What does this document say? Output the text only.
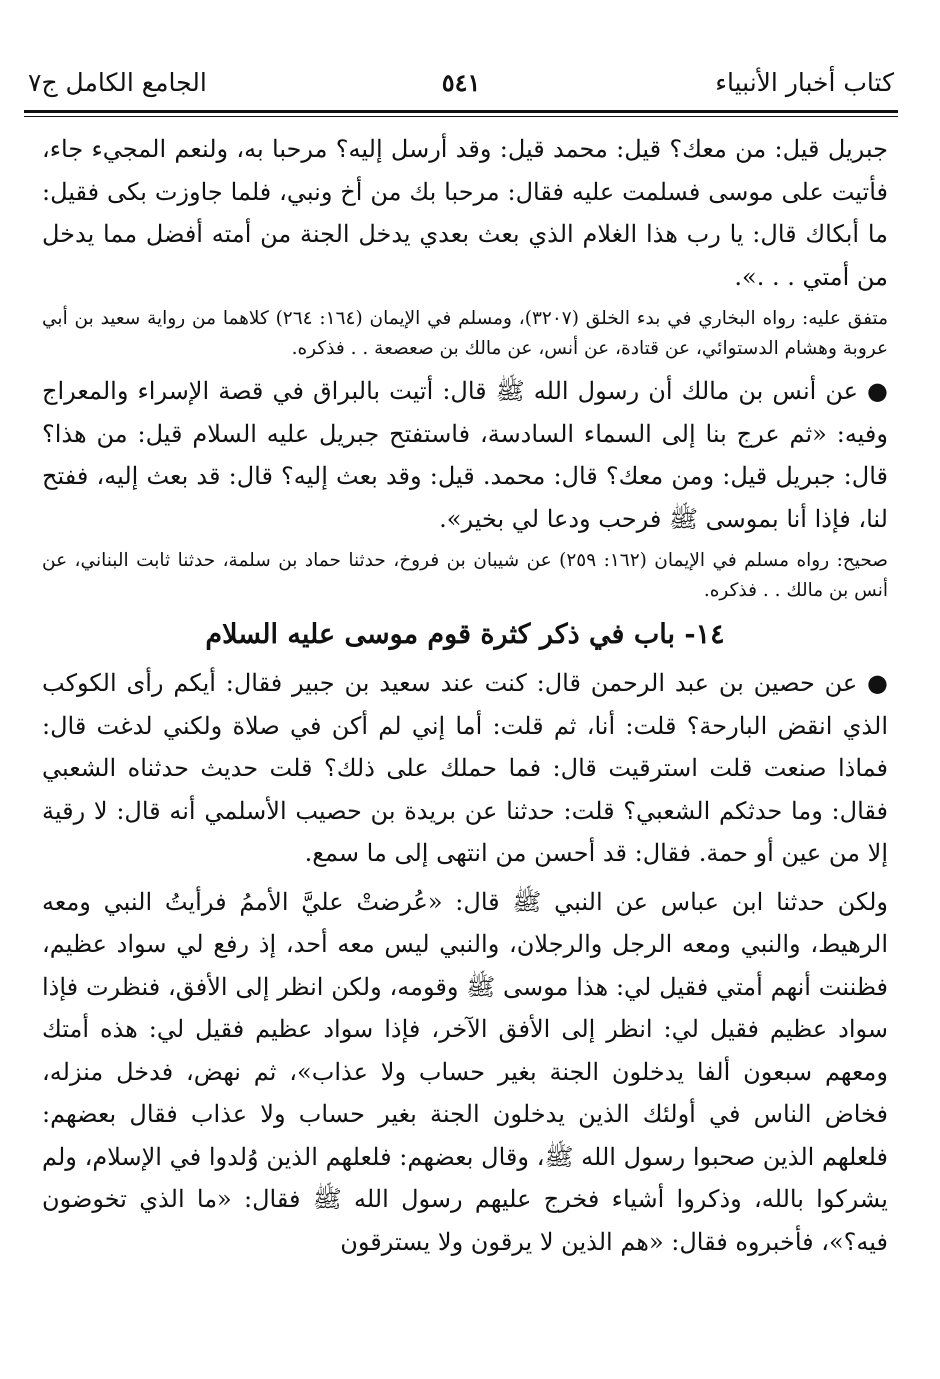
كتاب أخبار الأنبياء
٥٤١
الجامع الكامل ج٧

جبريل قيل: من معك؟ قيل: محمد قيل: وقد أرسل إليه؟ مرحبا به، ولنعم المجيء جاء، فأتيت على موسى فسلمت عليه فقال: مرحبا بك من أخ ونبي، فلما جاوزت بكى فقيل: ما أبكاك قال: يا رب هذا الغلام الذي بعث بعدي يدخل الجنة من أمته أفضل مما يدخل من أمتي . . .».

متفق عليه: رواه البخاري في بدء الخلق (٣٢٠٧)، ومسلم في الإيمان (١٦٤: ٢٦٤) كلاهما من رواية سعيد بن أبي عروبة وهشام الدستوائي، عن قتادة، عن أنس، عن مالك بن صعصعة . . فذكره.

● عن أنس بن مالك أن رسول الله ﷺ قال: أتيت بالبراق في قصة الإسراء والمعراج وفيه: «ثم عرج بنا إلى السماء السادسة، فاستفتح جبريل عليه السلام قيل: من هذا؟ قال: جبريل قيل: ومن معك؟ قال: محمد. قيل: وقد بعث إليه؟ قال: قد بعث إليه، ففتح لنا، فإذا أنا بموسى ﷺ فرحب ودعا لي بخير».

صحيح: رواه مسلم في الإيمان (١٦٢: ٢٥٩) عن شيبان بن فروخ، حدثنا حماد بن سلمة، حدثنا ثابت البناني، عن أنس بن مالك . . فذكره.

١٤- باب في ذكر كثرة قوم موسى عليه السلام

● عن حصين بن عبد الرحمن قال: كنت عند سعيد بن جبير فقال: أيكم رأى الكوكب الذي انقض البارحة؟ قلت: أنا، ثم قلت: أما إني لم أكن في صلاة ولكني لدغت قال: فماذا صنعت قلت استرقيت قال: فما حملك على ذلك؟ قلت حديث حدثناه الشعبي فقال: وما حدثكم الشعبي؟ قلت: حدثنا عن بريدة بن حصيب الأسلمي أنه قال: لا رقية إلا من عين أو حمة. فقال: قد أحسن من انتهى إلى ما سمع.

ولكن حدثنا ابن عباس عن النبي ﷺ قال: «عُرضتْ عليَّ الأممُ فرأيتُ النبي ومعه الرهيط، والنبي ومعه الرجل والرجلان، والنبي ليس معه أحد، إذ رفع لي سواد عظيم، فظننت أنهم أمتي فقيل لي: هذا موسى ﷺ وقومه، ولكن انظر إلى الأفق، فنظرت فإذا سواد عظيم فقيل لي: انظر إلى الأفق الآخر، فإذا سواد عظيم فقيل لي: هذه أمتك ومعهم سبعون ألفا يدخلون الجنة بغير حساب ولا عذاب»، ثم نهض، فدخل منزله، فخاض الناس في أولئك الذين يدخلون الجنة بغير حساب ولا عذاب فقال بعضهم: فلعلهم الذين صحبوا رسول الله ﷺ، وقال بعضهم: فلعلهم الذين وُلدوا في الإسلام، ولم يشركوا بالله، وذكروا أشياء فخرج عليهم رسول الله ﷺ فقال: «ما الذي تخوضون فيه؟»، فأخبروه فقال: «هم الذين لا يرقون ولا يسترقون
